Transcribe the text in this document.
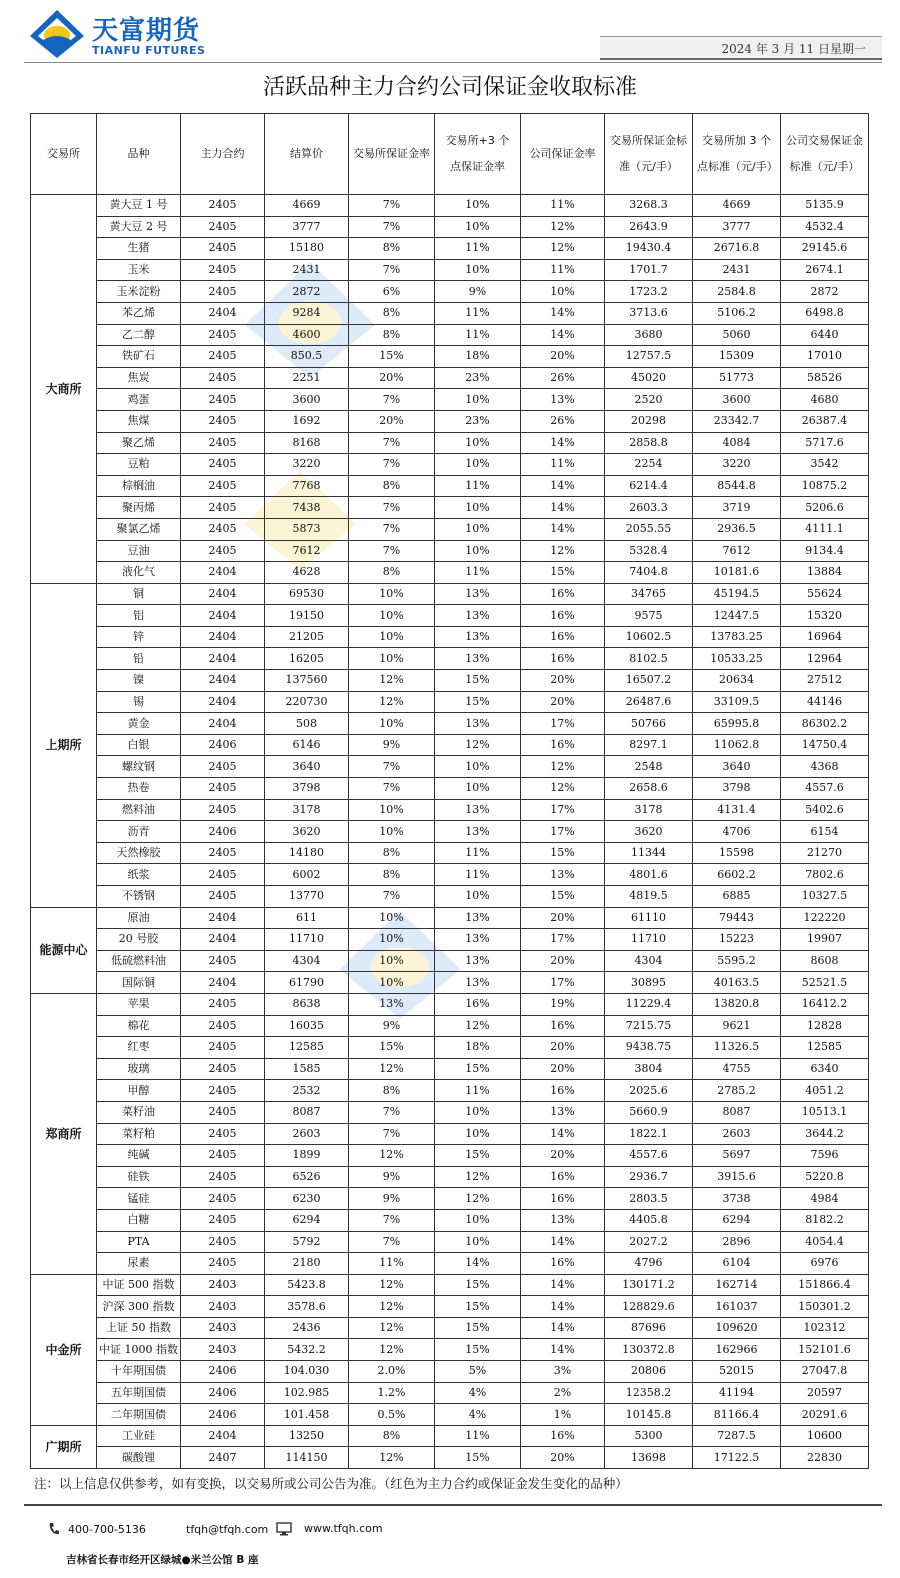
天富期货
TIANFU FUTURES	2024 年 3 月 11 日星期一
活跃品种主力合约公司保证金收取标准
交易所	品种	主力合约	结算价	交易所保证金率	交易所+3 个点保证金率	公司保证金率	交易所保证金标准（元/手）	交易所加 3 个点标准（元/手）	公司交易保证金标准（元/手）
大商所	黄大豆 1 号	2405	4669	7%	10%	11%	3268.3	4669	5135.9
	黄大豆 2 号	2405	3777	7%	10%	12%	2643.9	3777	4532.4
	生猪	2405	15180	8%	11%	12%	19430.4	26716.8	29145.6
	玉米	2405	2431	7%	10%	11%	1701.7	2431	2674.1
	玉米淀粉	2405	2872	6%	9%	10%	1723.2	2584.8	2872
	苯乙烯	2404	9284	8%	11%	14%	3713.6	5106.2	6498.8
	乙二醇	2405	4600	8%	11%	14%	3680	5060	6440
	铁矿石	2405	850.5	15%	18%	20%	12757.5	15309	17010
	焦炭	2405	2251	20%	23%	26%	45020	51773	58526
	鸡蛋	2405	3600	7%	10%	13%	2520	3600	4680
	焦煤	2405	1692	20%	23%	26%	20298	23342.7	26387.4
	聚乙烯	2405	8168	7%	10%	14%	2858.8	4084	5717.6
	豆粕	2405	3220	7%	10%	11%	2254	3220	3542
	棕榈油	2405	7768	8%	11%	14%	6214.4	8544.8	10875.2
	聚丙烯	2405	7438	7%	10%	14%	2603.3	3719	5206.6
	聚氯乙烯	2405	5873	7%	10%	14%	2055.55	2936.5	4111.1
	豆油	2405	7612	7%	10%	12%	5328.4	7612	9134.4
	液化气	2404	4628	8%	11%	15%	7404.8	10181.6	13884
上期所	铜	2404	69530	10%	13%	16%	34765	45194.5	55624
	铝	2404	19150	10%	13%	16%	9575	12447.5	15320
	锌	2404	21205	10%	13%	16%	10602.5	13783.25	16964
	铅	2404	16205	10%	13%	16%	8102.5	10533.25	12964
	镍	2404	137560	12%	15%	20%	16507.2	20634	27512
	锡	2404	220730	12%	15%	20%	26487.6	33109.5	44146
	黄金	2404	508	10%	13%	17%	50766	65995.8	86302.2
	白银	2406	6146	9%	12%	16%	8297.1	11062.8	14750.4
	螺纹钢	2405	3640	7%	10%	12%	2548	3640	4368
	热卷	2405	3798	7%	10%	12%	2658.6	3798	4557.6
	燃料油	2405	3178	10%	13%	17%	3178	4131.4	5402.6
	沥青	2406	3620	10%	13%	17%	3620	4706	6154
	天然橡胶	2405	14180	8%	11%	15%	11344	15598	21270
	纸浆	2405	6002	8%	11%	13%	4801.6	6602.2	7802.6
	不锈钢	2405	13770	7%	10%	15%	4819.5	6885	10327.5
能源中心	原油	2404	611	10%	13%	20%	61110	79443	122220
	20 号胶	2404	11710	10%	13%	17%	11710	15223	19907
	低硫燃料油	2405	4304	10%	13%	20%	4304	5595.2	8608
	国际铜	2404	61790	10%	13%	17%	30895	40163.5	52521.5
郑商所	苹果	2405	8638	13%	16%	19%	11229.4	13820.8	16412.2
	棉花	2405	16035	9%	12%	16%	7215.75	9621	12828
	红枣	2405	12585	15%	18%	20%	9438.75	11326.5	12585
	玻璃	2405	1585	12%	15%	20%	3804	4755	6340
	甲醇	2405	2532	8%	11%	16%	2025.6	2785.2	4051.2
	菜籽油	2405	8087	7%	10%	13%	5660.9	8087	10513.1
	菜籽粕	2405	2603	7%	10%	14%	1822.1	2603	3644.2
	纯碱	2405	1899	12%	15%	20%	4557.6	5697	7596
	硅铁	2405	6526	9%	12%	16%	2936.7	3915.6	5220.8
	锰硅	2405	6230	9%	12%	16%	2803.5	3738	4984
	白糖	2405	6294	7%	10%	13%	4405.8	6294	8182.2
	PTA	2405	5792	7%	10%	14%	2027.2	2896	4054.4
	尿素	2405	2180	11%	14%	16%	4796	6104	6976
中金所	中证 500 指数	2403	5423.8	12%	15%	14%	130171.2	162714	151866.4
	沪深 300 指数	2403	3578.6	12%	15%	14%	128829.6	161037	150301.2
	上证 50 指数	2403	2436	12%	15%	14%	87696	109620	102312
	中证 1000 指数	2403	5432.2	12%	15%	14%	130372.8	162966	152101.6
	十年期国债	2406	104.030	2.0%	5%	3%	20806	52015	27047.8
	五年期国债	2406	102.985	1.2%	4%	2%	12358.2	41194	20597
	二年期国债	2406	101.458	0.5%	4%	1%	10145.8	81166.4	20291.6
广期所	工业硅	2404	13250	8%	11%	16%	5300	7287.5	10600
	碳酸锂	2407	114150	12%	15%	20%	13698	17122.5	22830
注：以上信息仅供参考，如有变换，以交易所或公司公告为准。（红色为主力合约或保证金发生变化的品种）
400-700-5136	tfqh@tfqh.com	www.tfqh.com
吉林省长春市经开区绿城●米兰公馆 B 座
